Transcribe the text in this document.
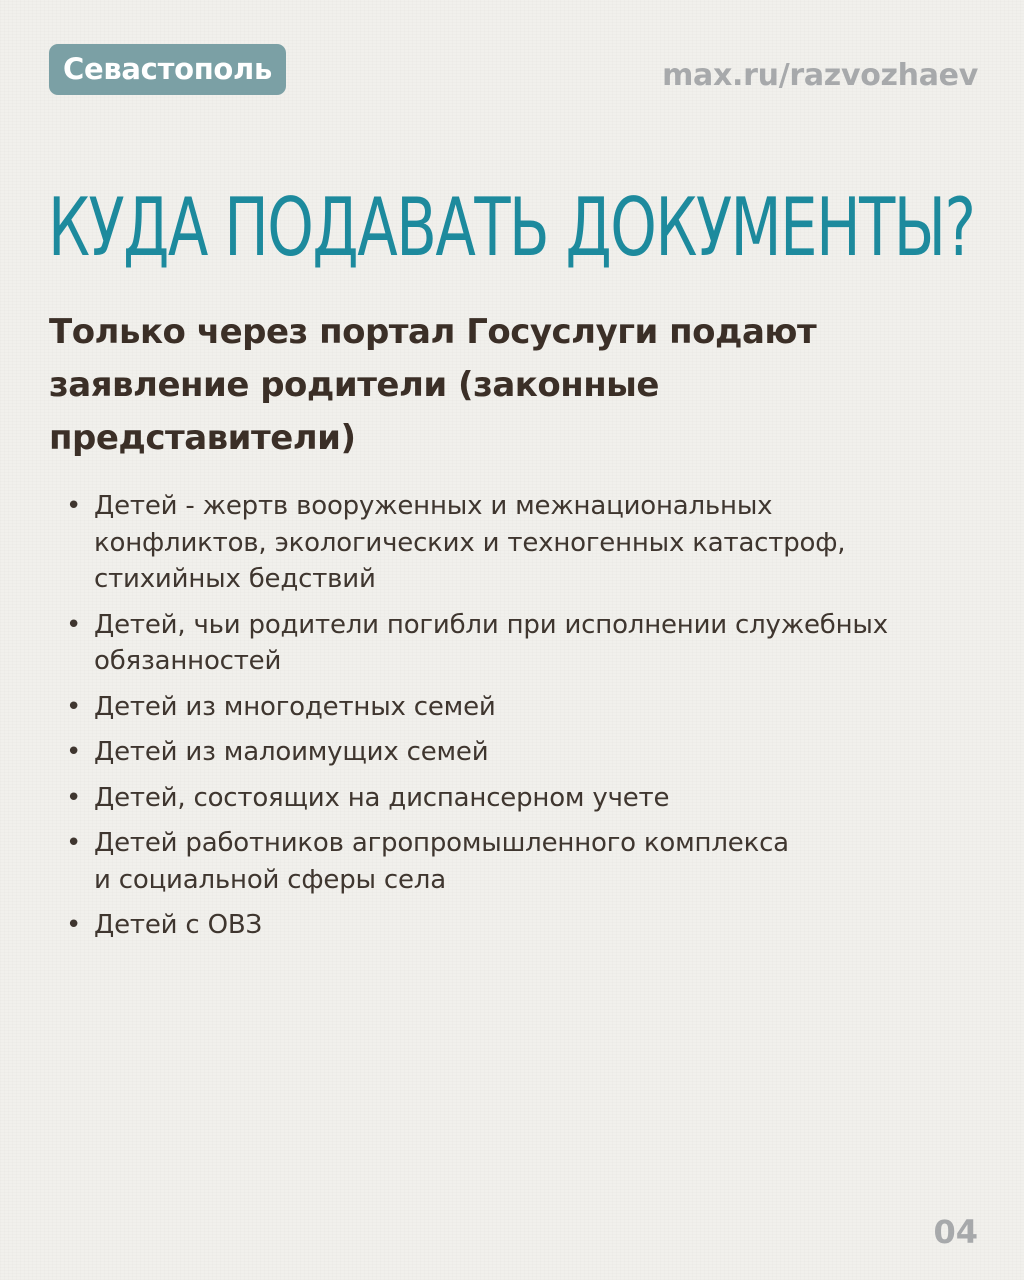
Севастополь	max.ru/razvozhaev
КУДА ПОДАВАТЬ ДОКУМЕНТЫ?

Только через портал Госуслуги подают
заявление родители (законные
представители)

• Детей - жертв вооруженных и межнациональных
конфликтов, экологических и техногенных катастроф,
стихийных бедствий
• Детей, чьи родители погибли при исполнении служебных
обязанностей
• Детей из многодетных семей
• Детей из малоимущих семей
• Детей, состоящих на диспансерном учете
• Детей работников агропромышленного комплекса
и социальной сферы села
• Детей с ОВЗ
04
